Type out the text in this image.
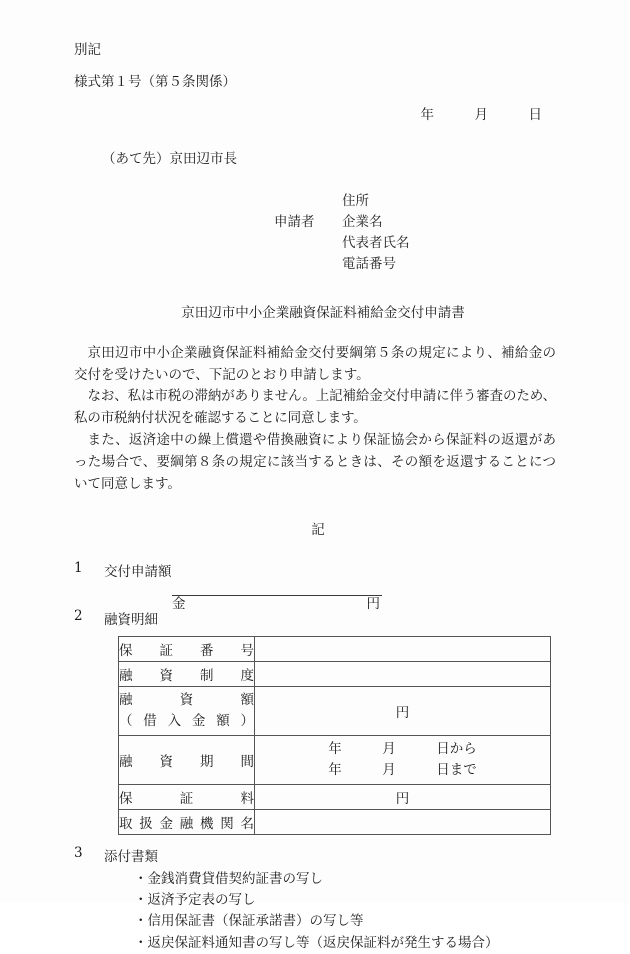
別記
様式第１号（第５条関係）
年　　　月　　　日
（あて先）京田辺市長
住所
申請者	企業名
代表者氏名
電話番号
京田辺市中小企業融資保証料補給金交付申請書

京田辺市中小企業融資保証料補給金交付要綱第５条の規定により、補給金の交付を受けたいので、下記のとおり申請します。

なお、私は市税の滞納がありません。上記補給金交付申請に伴う審査のため、私の市税納付状況を確認することに同意します。

また、返済途中の繰上償還や借換融資により保証協会から保証料の返還があった場合で、要綱第８条の規定に該当するときは、その額を返還することについて同意します。

記
1	交付申請額
金	円
2	融資明細
保証番号	
融資制度	

融資額
（借入金額）	円
融資期間	年　　　月　　　日から
年　　　月　　　日まで

保証料	円
取扱金融機関名	
3	添付書類
・金銭消費貸借契約証書の写し
・返済予定表の写し
・信用保証書（保証承諾書）の写し等
・返戻保証料通知書の写し等（返戻保証料が発生する場合）
